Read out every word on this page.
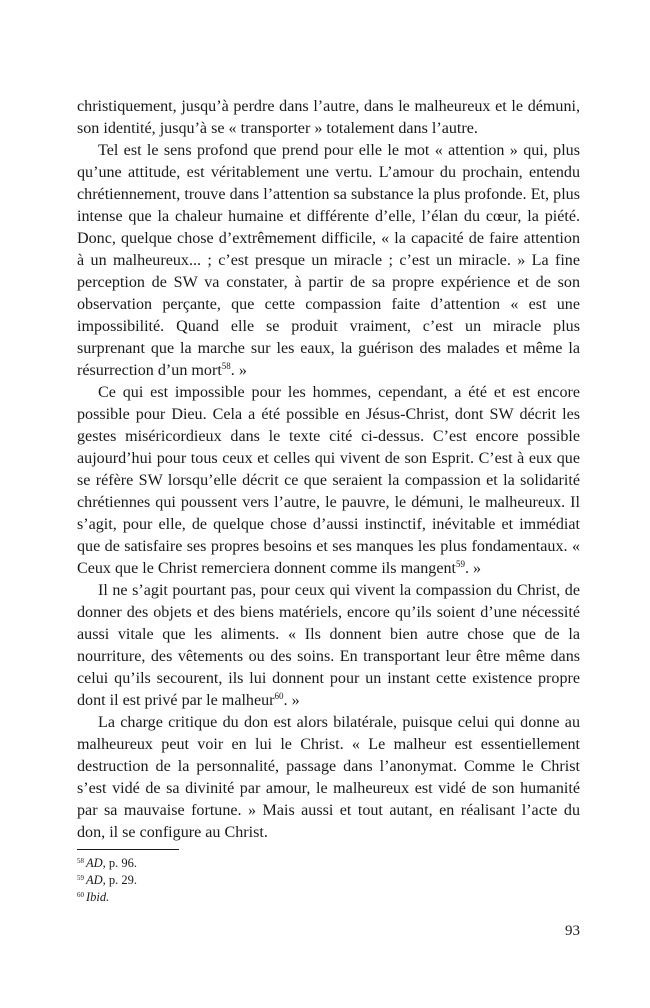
christiquement, jusqu’à perdre dans l’autre, dans le malheureux et le démuni, son identité, jusqu’à se « transporter » totalement dans l’autre.

Tel est le sens profond que prend pour elle le mot « attention » qui, plus qu’une attitude, est véritablement une vertu. L’amour du prochain, entendu chrétiennement, trouve dans l’attention sa substance la plus profonde. Et, plus intense que la chaleur humaine et différente d’elle, l’élan du cœur, la piété. Donc, quelque chose d’extrêmement difficile, « la capacité de faire attention à un malheureux... ; c’est presque un miracle ; c’est un miracle. » La fine perception de SW va constater, à partir de sa propre expérience et de son observation perçante, que cette compassion faite d’attention « est une impossibilité. Quand elle se produit vraiment, c’est un miracle plus surprenant que la marche sur les eaux, la guérison des malades et même la résurrection d’un mort$^{58}$. »

Ce qui est impossible pour les hommes, cependant, a été et est encore possible pour Dieu. Cela a été possible en Jésus-Christ, dont SW décrit les gestes miséricordieux dans le texte cité ci-dessus. C’est encore possible aujourd’hui pour tous ceux et celles qui vivent de son Esprit. C’est à eux que se réfère SW lorsqu’elle décrit ce que seraient la compassion et la solidarité chrétiennes qui poussent vers l’autre, le pauvre, le démuni, le malheureux. Il s’agit, pour elle, de quelque chose d’aussi instinctif, inévitable et immédiat que de satisfaire ses propres besoins et ses manques les plus fondamentaux. « Ceux que le Christ remerciera donnent comme ils mangent$^{59}$. »

Il ne s’agit pourtant pas, pour ceux qui vivent la compassion du Christ, de donner des objets et des biens matériels, encore qu’ils soient d’une nécessité aussi vitale que les aliments. « Ils donnent bien autre chose que de la nourriture, des vêtements ou des soins. En transportant leur être même dans celui qu’ils secourent, ils lui donnent pour un instant cette existence propre dont il est privé par le malheur$^{60}$. »

La charge critique du don est alors bilatérale, puisque celui qui donne au malheureux peut voir en lui le Christ. « Le malheur est essentiellement destruction de la personnalité, passage dans l’anonymat. Comme le Christ s’est vidé de sa divinité par amour, le malheureux est vidé de son humanité par sa mauvaise fortune. » Mais aussi et tout autant, en réalisant l’acte du don, il se configure au Christ.

$^{58}$ AD, p. 96.

$^{59}$ AD, p. 29.

$^{60}$ Ibid.

93
